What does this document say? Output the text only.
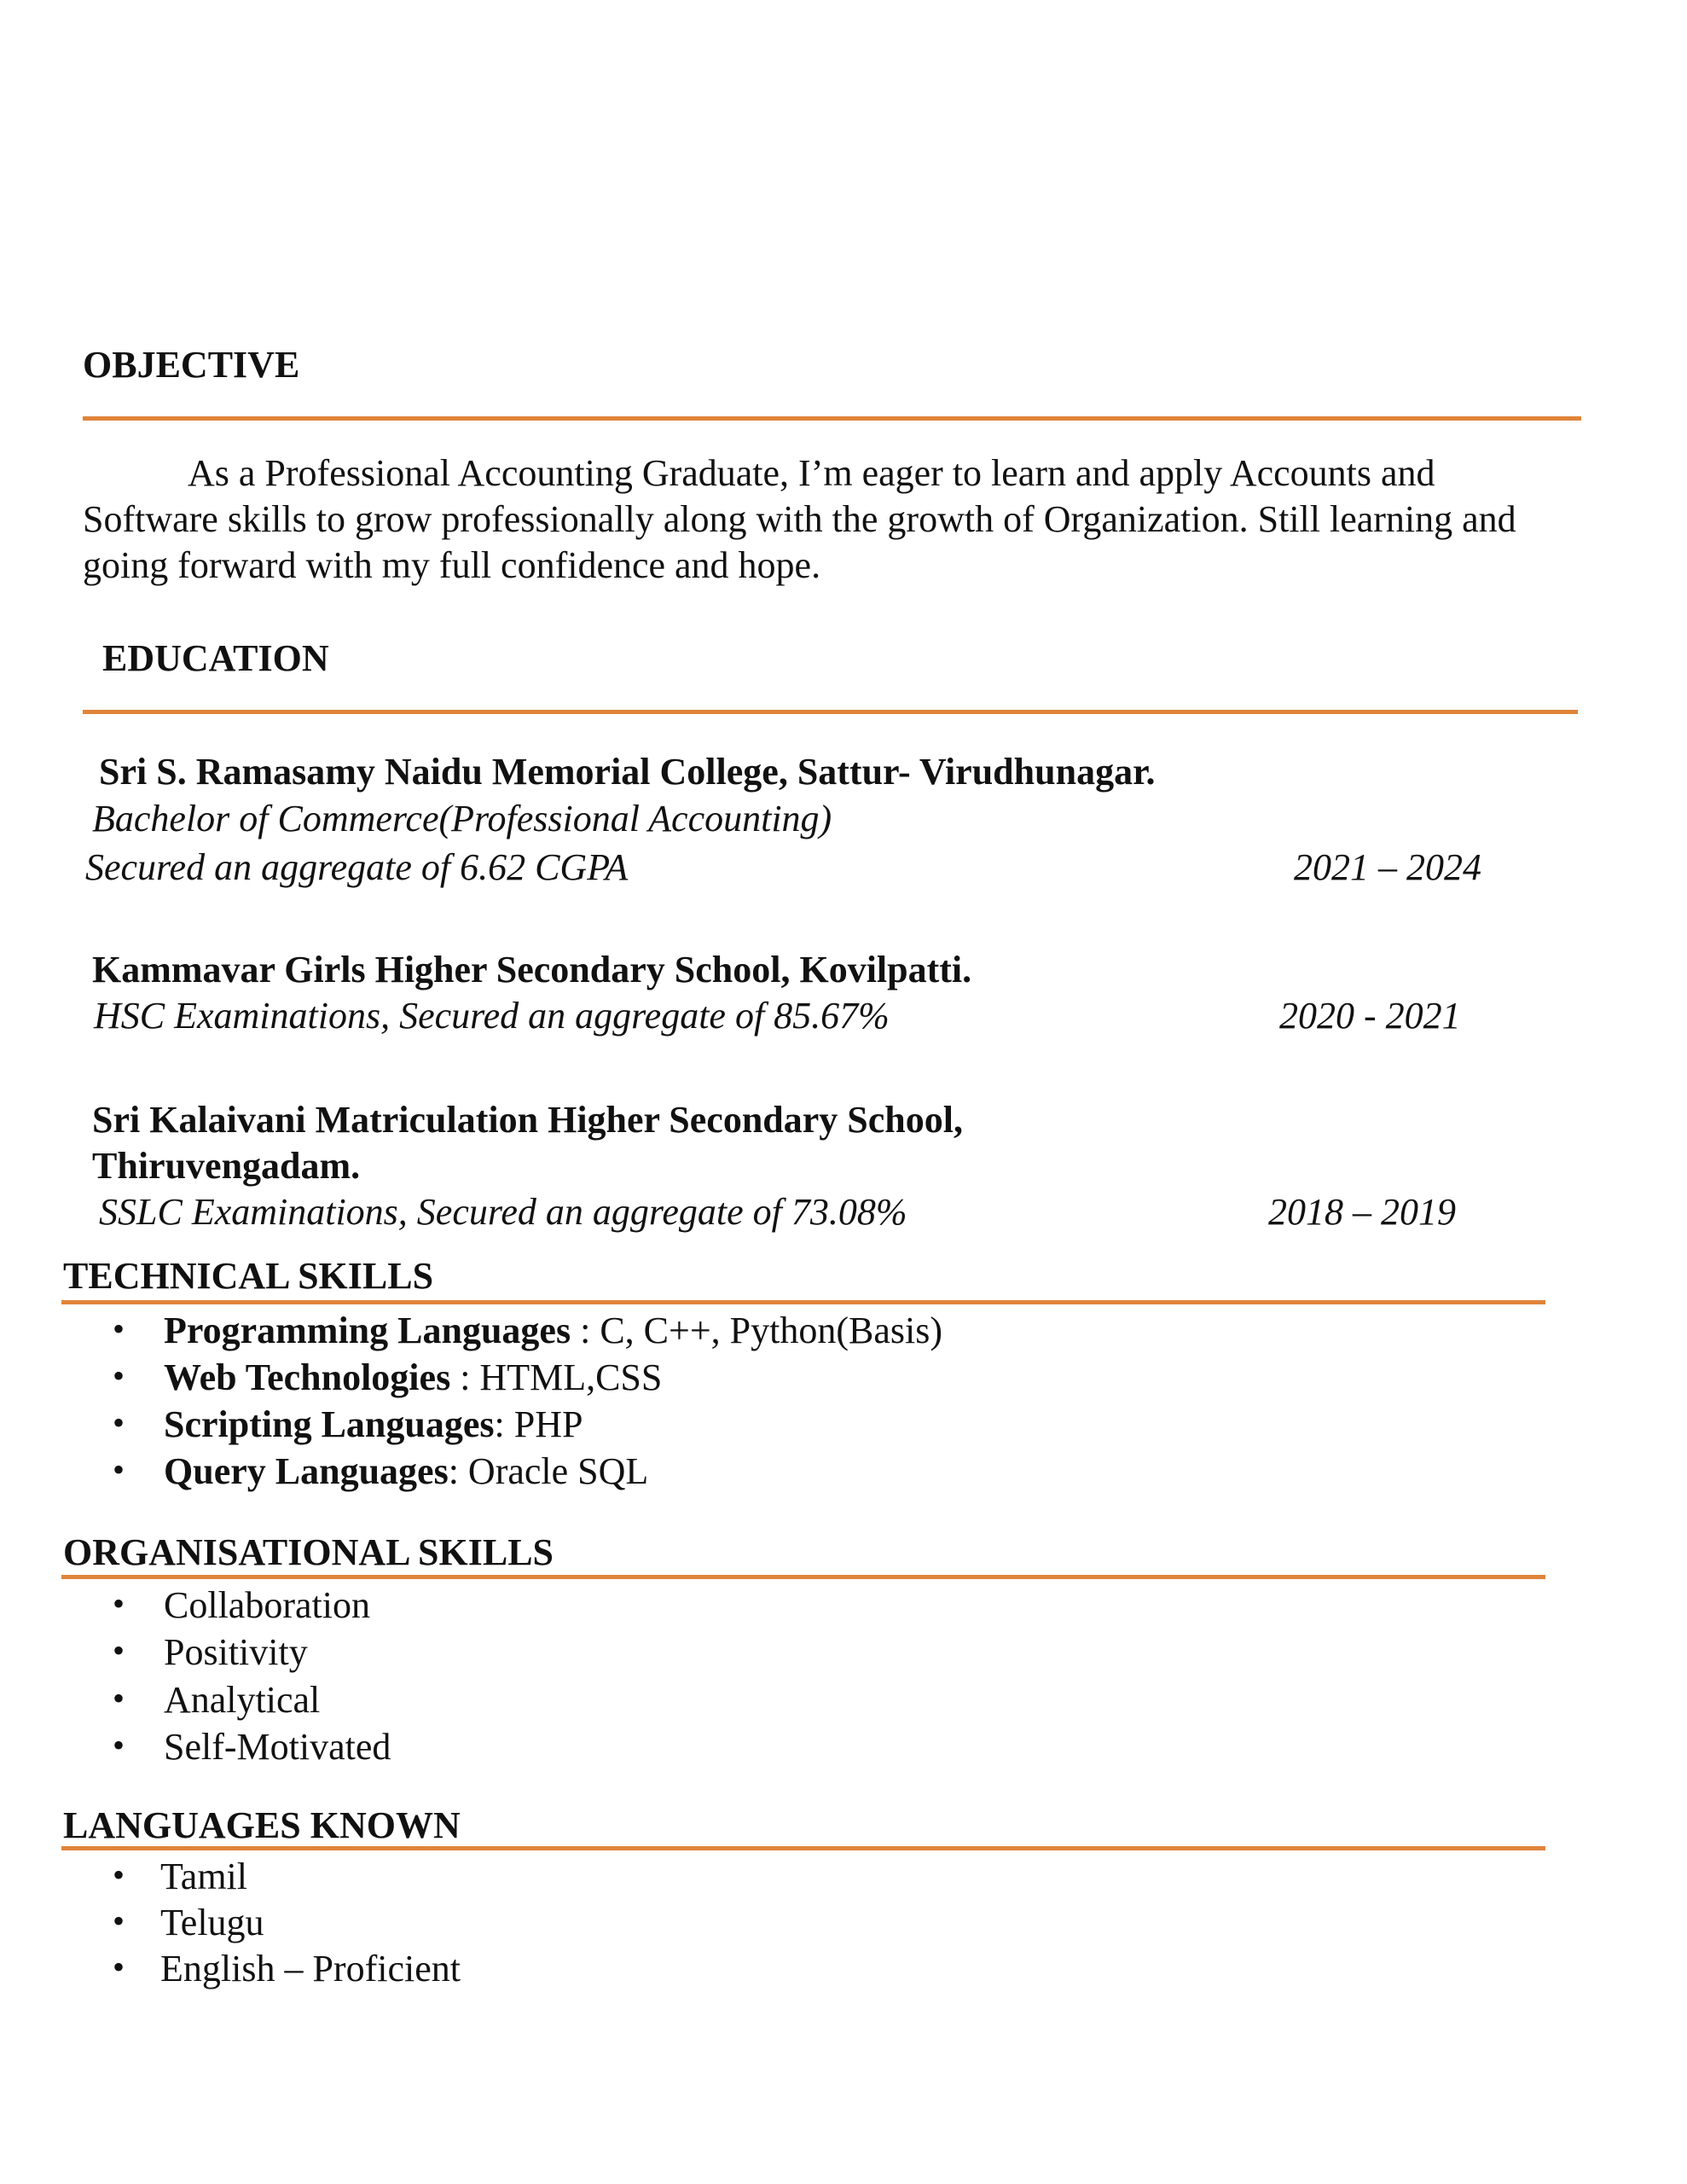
OBJECTIVE
As a Professional Accounting Graduate, I’m eager to learn and apply Accounts and
Software skills to grow professionally along with the growth of Organization. Still learning and
going forward with my full confidence and hope.
EDUCATION
Sri S. Ramasamy Naidu Memorial College, Sattur- Virudhunagar.
Bachelor of Commerce(Professional Accounting)
Secured an aggregate of 6.62 CGPA	2021 – 2024
Kammavar Girls Higher Secondary School, Kovilpatti.
HSC Examinations, Secured an aggregate of 85.67%	2020 - 2021
Sri Kalaivani Matriculation Higher Secondary School,
Thiruvengadam.
SSLC Examinations, Secured an aggregate of 73.08%	2018 – 2019
TECHNICAL SKILLS
• Programming Languages : C, C++, Python(Basis)
• Web Technologies : HTML,CSS
• Scripting Languages: PHP
• Query Languages: Oracle SQL
ORGANISATIONAL SKILLS
• Collaboration
• Positivity
• Analytical
• Self-Motivated
LANGUAGES KNOWN
• Tamil
• Telugu
• English – Proficient
